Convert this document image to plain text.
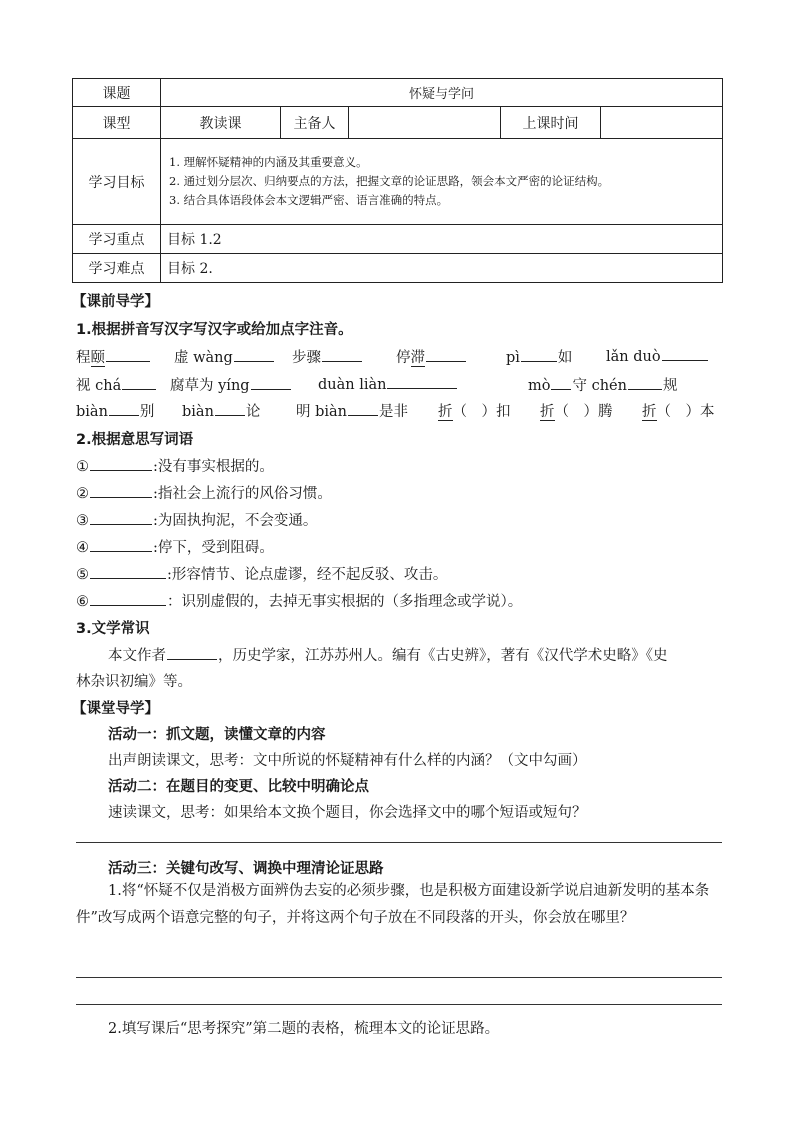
课题	怀疑与学问				
课型	教读课	主备人		上课时间	
学习目标	1. 理解怀疑精神的内涵及其重要意义。
2. 通过划分层次、归纳要点的方法，把握文章的论证思路，领会本文严密的论证结构。
3. 结合具体语段体会本文逻辑严密、语言准确的特点。				

学习重点	目标 1.2				
学习难点	目标 2.				
【课前导学】
1.根据拼音写汉字写汉字或给加点字注音。
程颐	虚 wàng	步骤	停滞	pì	如 lǎn duò
视 chá	腐草为 yíng	duàn liàn	mò 守 chén 规
biàn 别 biàn 论 明 biàn 是非 折（　）扣 折（　）腾 折（　）本
2.根据意思写词语
①	:没有事实根据的。
②	:指社会上流行的风俗习惯。
③	:为固执拘泥，不会变通。
④	:停下，受到阻碍。
⑤	:形容情节、论点虚谬，经不起反驳、攻击。
⑥	：识别虚假的，去掉无事实根据的（多指理念或学说）。
3.文学常识
本文作者	，历史学家，江苏苏州人。编有《古史辨》，著有《汉代学术史略》《史
林杂识初编》等。
【课堂导学】
活动一：抓文题，读懂文章的内容
出声朗读课文，思考：文中所说的怀疑精神有什么样的内涵？（文中勾画）
活动二：在题目的变更、比较中明确论点
速读课文，思考：如果给本文换个题目，你会选择文中的哪个短语或短句？
活动三：关键句改写、调换中理清论证思路
1.将“怀疑不仅是消极方面辨伪去妄的必须步骤，也是积极方面建设新学说启迪新发明的基本条件”改写成两个语意完整的句子，并将这两个句子放在不同段落的开头，你会放在哪里？
2.填写课后“思考探究”第二题的表格，梳理本文的论证思路。
